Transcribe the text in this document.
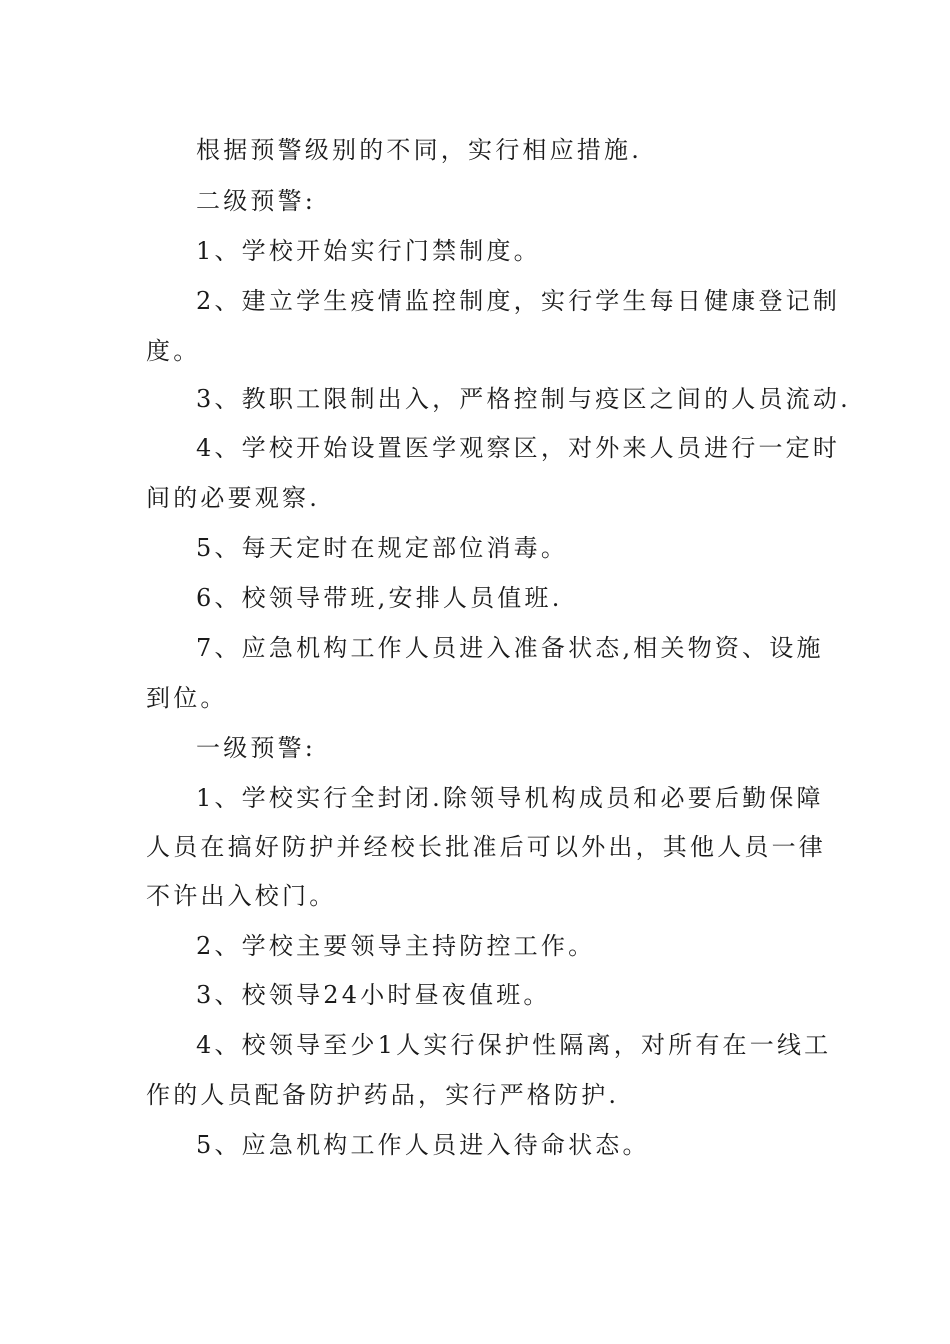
根据预警级别的不同，实行相应措施.
二级预警:
1、学校开始实行门禁制度。
2、建立学生疫情监控制度，实行学生每日健康登记制
度。
3、教职工限制出入，严格控制与疫区之间的人员流动.
4、学校开始设置医学观察区，对外来人员进行一定时
间的必要观察.
5、每天定时在规定部位消毒。
6、校领导带班,安排人员值班.
7、应急机构工作人员进入准备状态,相关物资、设施
到位。
一级预警:
1、学校实行全封闭.除领导机构成员和必要后勤保障
人员在搞好防护并经校长批准后可以外出，其他人员一律
不许出入校门。
2、学校主要领导主持防控工作。
3、校领导24小时昼夜值班。
4、校领导至少1人实行保护性隔离，对所有在一线工
作的人员配备防护药品，实行严格防护.
5、应急机构工作人员进入待命状态。
